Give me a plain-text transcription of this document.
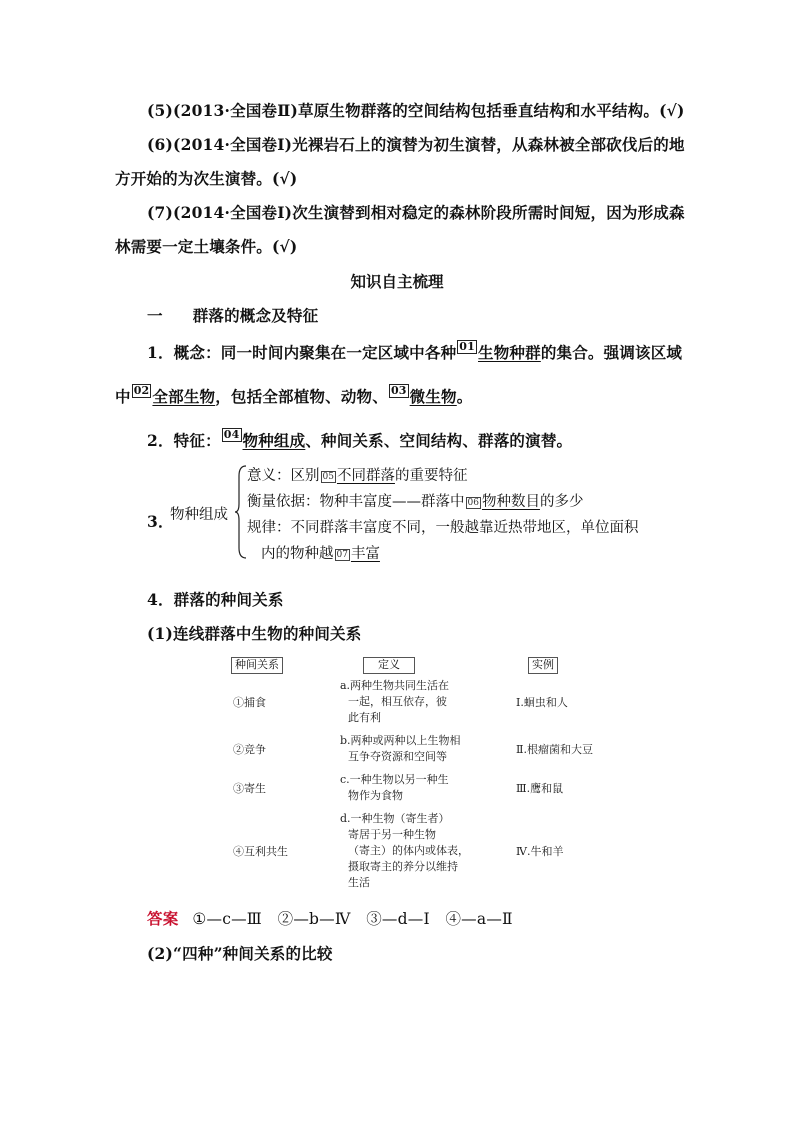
(5)(2013·全国卷Ⅱ)草原生物群落的空间结构包括垂直结构和水平结构。(√)
(6)(2014·全国卷Ⅰ)光裸岩石上的演替为初生演替，从森林被全部砍伐后的地
方开始的为次生演替。(√)
(7)(2014·全国卷Ⅰ)次生演替到相对稳定的森林阶段所需时间短，因为形成森
林需要一定土壤条件。(√)
知识自主梳理
一 群落的概念及特征
1．概念：同一时间内聚集在一定区域中各种 01 生物种群的集合。强调该区域
中 02 全部生物，包括全部植物、动物、 03 微生物。
2．特征： 04 物种组成、种间关系、空间结构、群落的演替。
3．
物种组成
意义：区别 05 不同群落的重要特征
衡量依据：物种丰富度——群落中 06 物种数目的多少
规律：不同群落丰富度不同，一般越靠近热带地区，单位面积
内的物种越 07 丰富
4．群落的种间关系
(1)连线群落中生物的种间关系
种间关系	定义	实例
①捕食
②竞争
③寄生
④互利共生
a.两种生物共同生活在
一起，相互依存，彼
此有利
b.两种或两种以上生物相
互争夺资源和空间等
c.一种生物以另一种生
物作为食物
d.一种生物（寄生者）
寄居于另一种生物
（寄主）的体内或体表，
摄取寄主的养分以维持
生活
Ⅰ.蛔虫和人
Ⅱ.根瘤菌和大豆
Ⅲ.鹰和鼠
Ⅳ.牛和羊
答案 ①—c—Ⅲ　②—b—Ⅳ　③—d—Ⅰ　④—a—Ⅱ
(2)“四种”种间关系的比较
